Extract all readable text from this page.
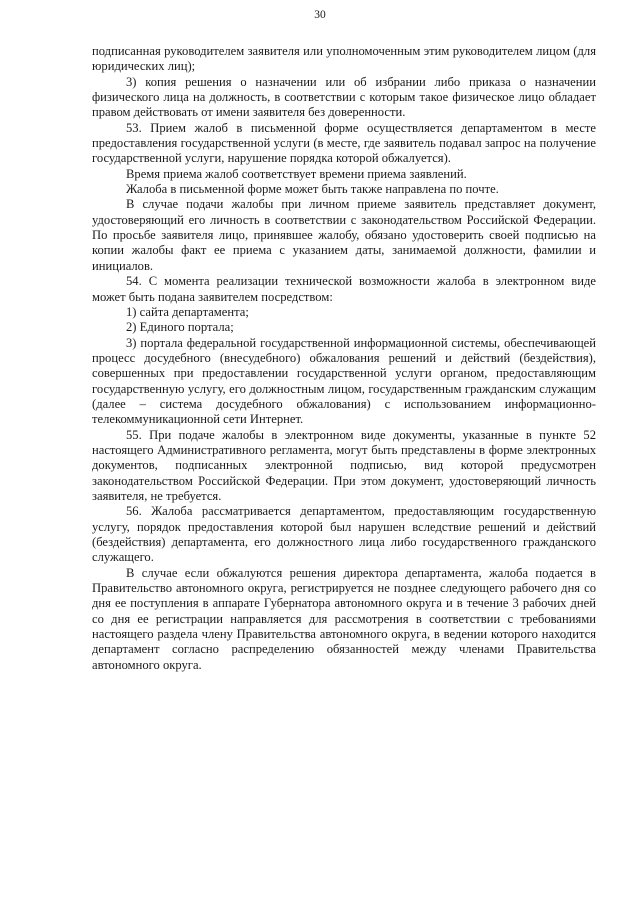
30

подписанная руководителем заявителя или уполномоченным этим руководителем лицом (для юридических лиц);

3) копия решения о назначении или об избрании либо приказа о назначении физического лица на должность, в соответствии с которым такое физическое лицо обладает правом действовать от имени заявителя без доверенности.

53. Прием жалоб в письменной форме осуществляется департаментом в месте предоставления государственной услуги (в месте, где заявитель подавал запрос на получение государственной услуги, нарушение порядка которой обжалуется).

Время приема жалоб соответствует времени приема заявлений.

Жалоба в письменной форме может быть также направлена по почте.

В случае подачи жалобы при личном приеме заявитель представляет документ, удостоверяющий его личность в соответствии с законодательством Российской Федерации. По просьбе заявителя лицо, принявшее жалобу, обязано удостоверить своей подписью на копии жалобы факт ее приема с указанием даты, занимаемой должности, фамилии и инициалов.

54. С момента реализации технической возможности жалоба в электронном виде может быть подана заявителем посредством:

1) сайта департамента;

2) Единого портала;

3) портала федеральной государственной информационной системы, обеспечивающей процесс досудебного (внесудебного) обжалования решений и действий (бездействия), совершенных при предоставлении государственной услуги органом, предоставляющим государственную услугу, его должностным лицом, государственным гражданским служащим (далее – система досудебного обжалования) с использованием информационно-телекоммуникационной сети Интернет.

55. При подаче жалобы в электронном виде документы, указанные в пункте 52 настоящего Административного регламента, могут быть представлены в форме электронных документов, подписанных электронной подписью, вид которой предусмотрен законодательством Российской Федерации. При этом документ, удостоверяющий личность заявителя, не требуется.

56. Жалоба рассматривается департаментом, предоставляющим государственную услугу, порядок предоставления которой был нарушен вследствие решений и действий (бездействия) департамента, его должностного лица либо государственного гражданского служащего.

В случае если обжалуются решения директора департамента, жалоба подается в Правительство автономного округа, регистрируется не позднее следующего рабочего дня со дня ее поступления в аппарате Губернатора автономного округа и в течение 3 рабочих дней со дня ее регистрации направляется для рассмотрения в соответствии с требованиями настоящего раздела члену Правительства автономного округа, в ведении которого находится департамент согласно распределению обязанностей между членами Правительства автономного округа.
